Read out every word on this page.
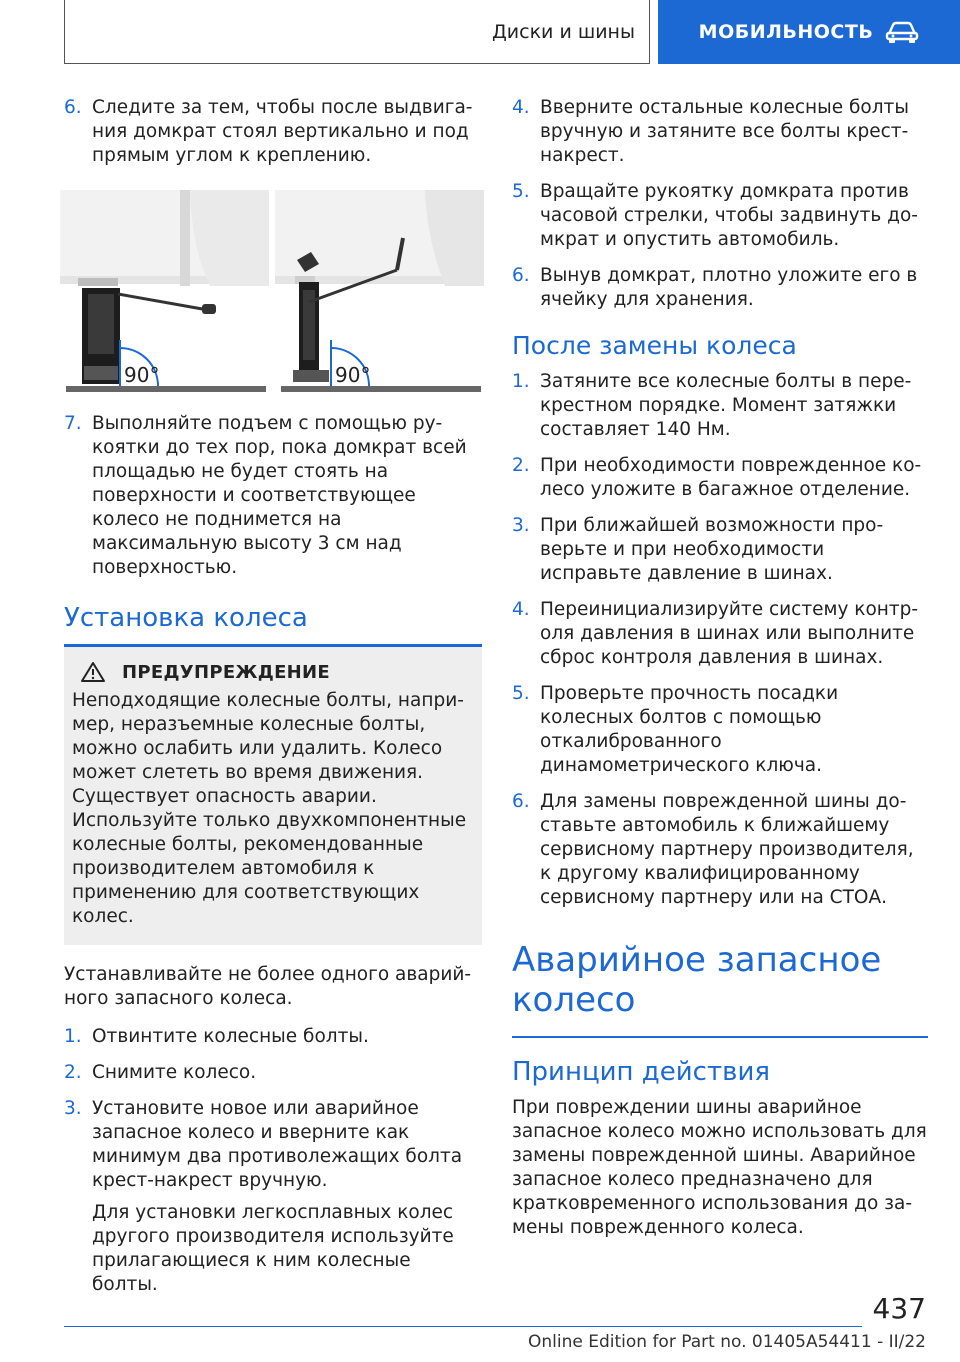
Диски и шины	МОБИЛЬНОСТЬ
6. Следите за тем, чтобы после выдвигания домкрат стоял вертикально и под прямым углом к креплению.

90°	90°
7. Выполняйте подъем с помощью рукоятки до тех пор, пока домкрат всей площадью не будет стоять на поверхности и соответствующее колесо не поднимется на максимальную высоту 3 см над поверхностью.

Установка колеса
ПРЕДУПРЕЖДЕНИЕ
Неподходящие колесные болты, например, неразъемные колесные болты, можно ослабить или удалить. Колесо может слететь во время движения. Существует опасность аварии. Используйте только двухкомпонентные колесные болты, рекомендованные производителем автомобиля к применению для соответствующих колес.
Устанавливайте не более одного аварийного запасного колеса.
1. Отвинтите колесные болты.

2. Снимите колесо.

3. Установите новое или аварийное запасное колесо и вверните как минимум два противолежащих болта крест-накрест вручную.

Для установки легкосплавных колес другого производителя используйте прилагающиеся к ним колесные болты.

4. Вверните остальные колесные болты вручную и затяните все болты крест-накрест.

5. Вращайте рукоятку домкрата против часовой стрелки, чтобы задвинуть домкрат и опустить автомобиль.

6. Вынув домкрат, плотно уложите его в ячейку для хранения.

После замены колеса
1. Затяните все колесные болты в перекрестном порядке. Момент затяжки составляет 140 Нм.

2. При необходимости поврежденное колесо уложите в багажное отделение.

3. При ближайшей возможности проверьте и при необходимости исправьте давление в шинах.

4. Переинициализируйте систему контроля давления в шинах или выполните сброс контроля давления в шинах.

5. Проверьте прочность посадки колесных болтов с помощью откалиброванного динамометрического ключа.

6. Для замены поврежденной шины доставьте автомобиль к ближайшему сервисному партнеру производителя, к другому квалифицированному сервисному партнеру или на СТОА.

Аварийное запасное колесо
Принцип действия
При повреждении шины аварийное запасное колесо можно использовать для замены поврежденной шины. Аварийное запасное колесо предназначено для кратковременного использования до замены поврежденного колеса.
437
Online Edition for Part no. 01405A54411 - II/22
